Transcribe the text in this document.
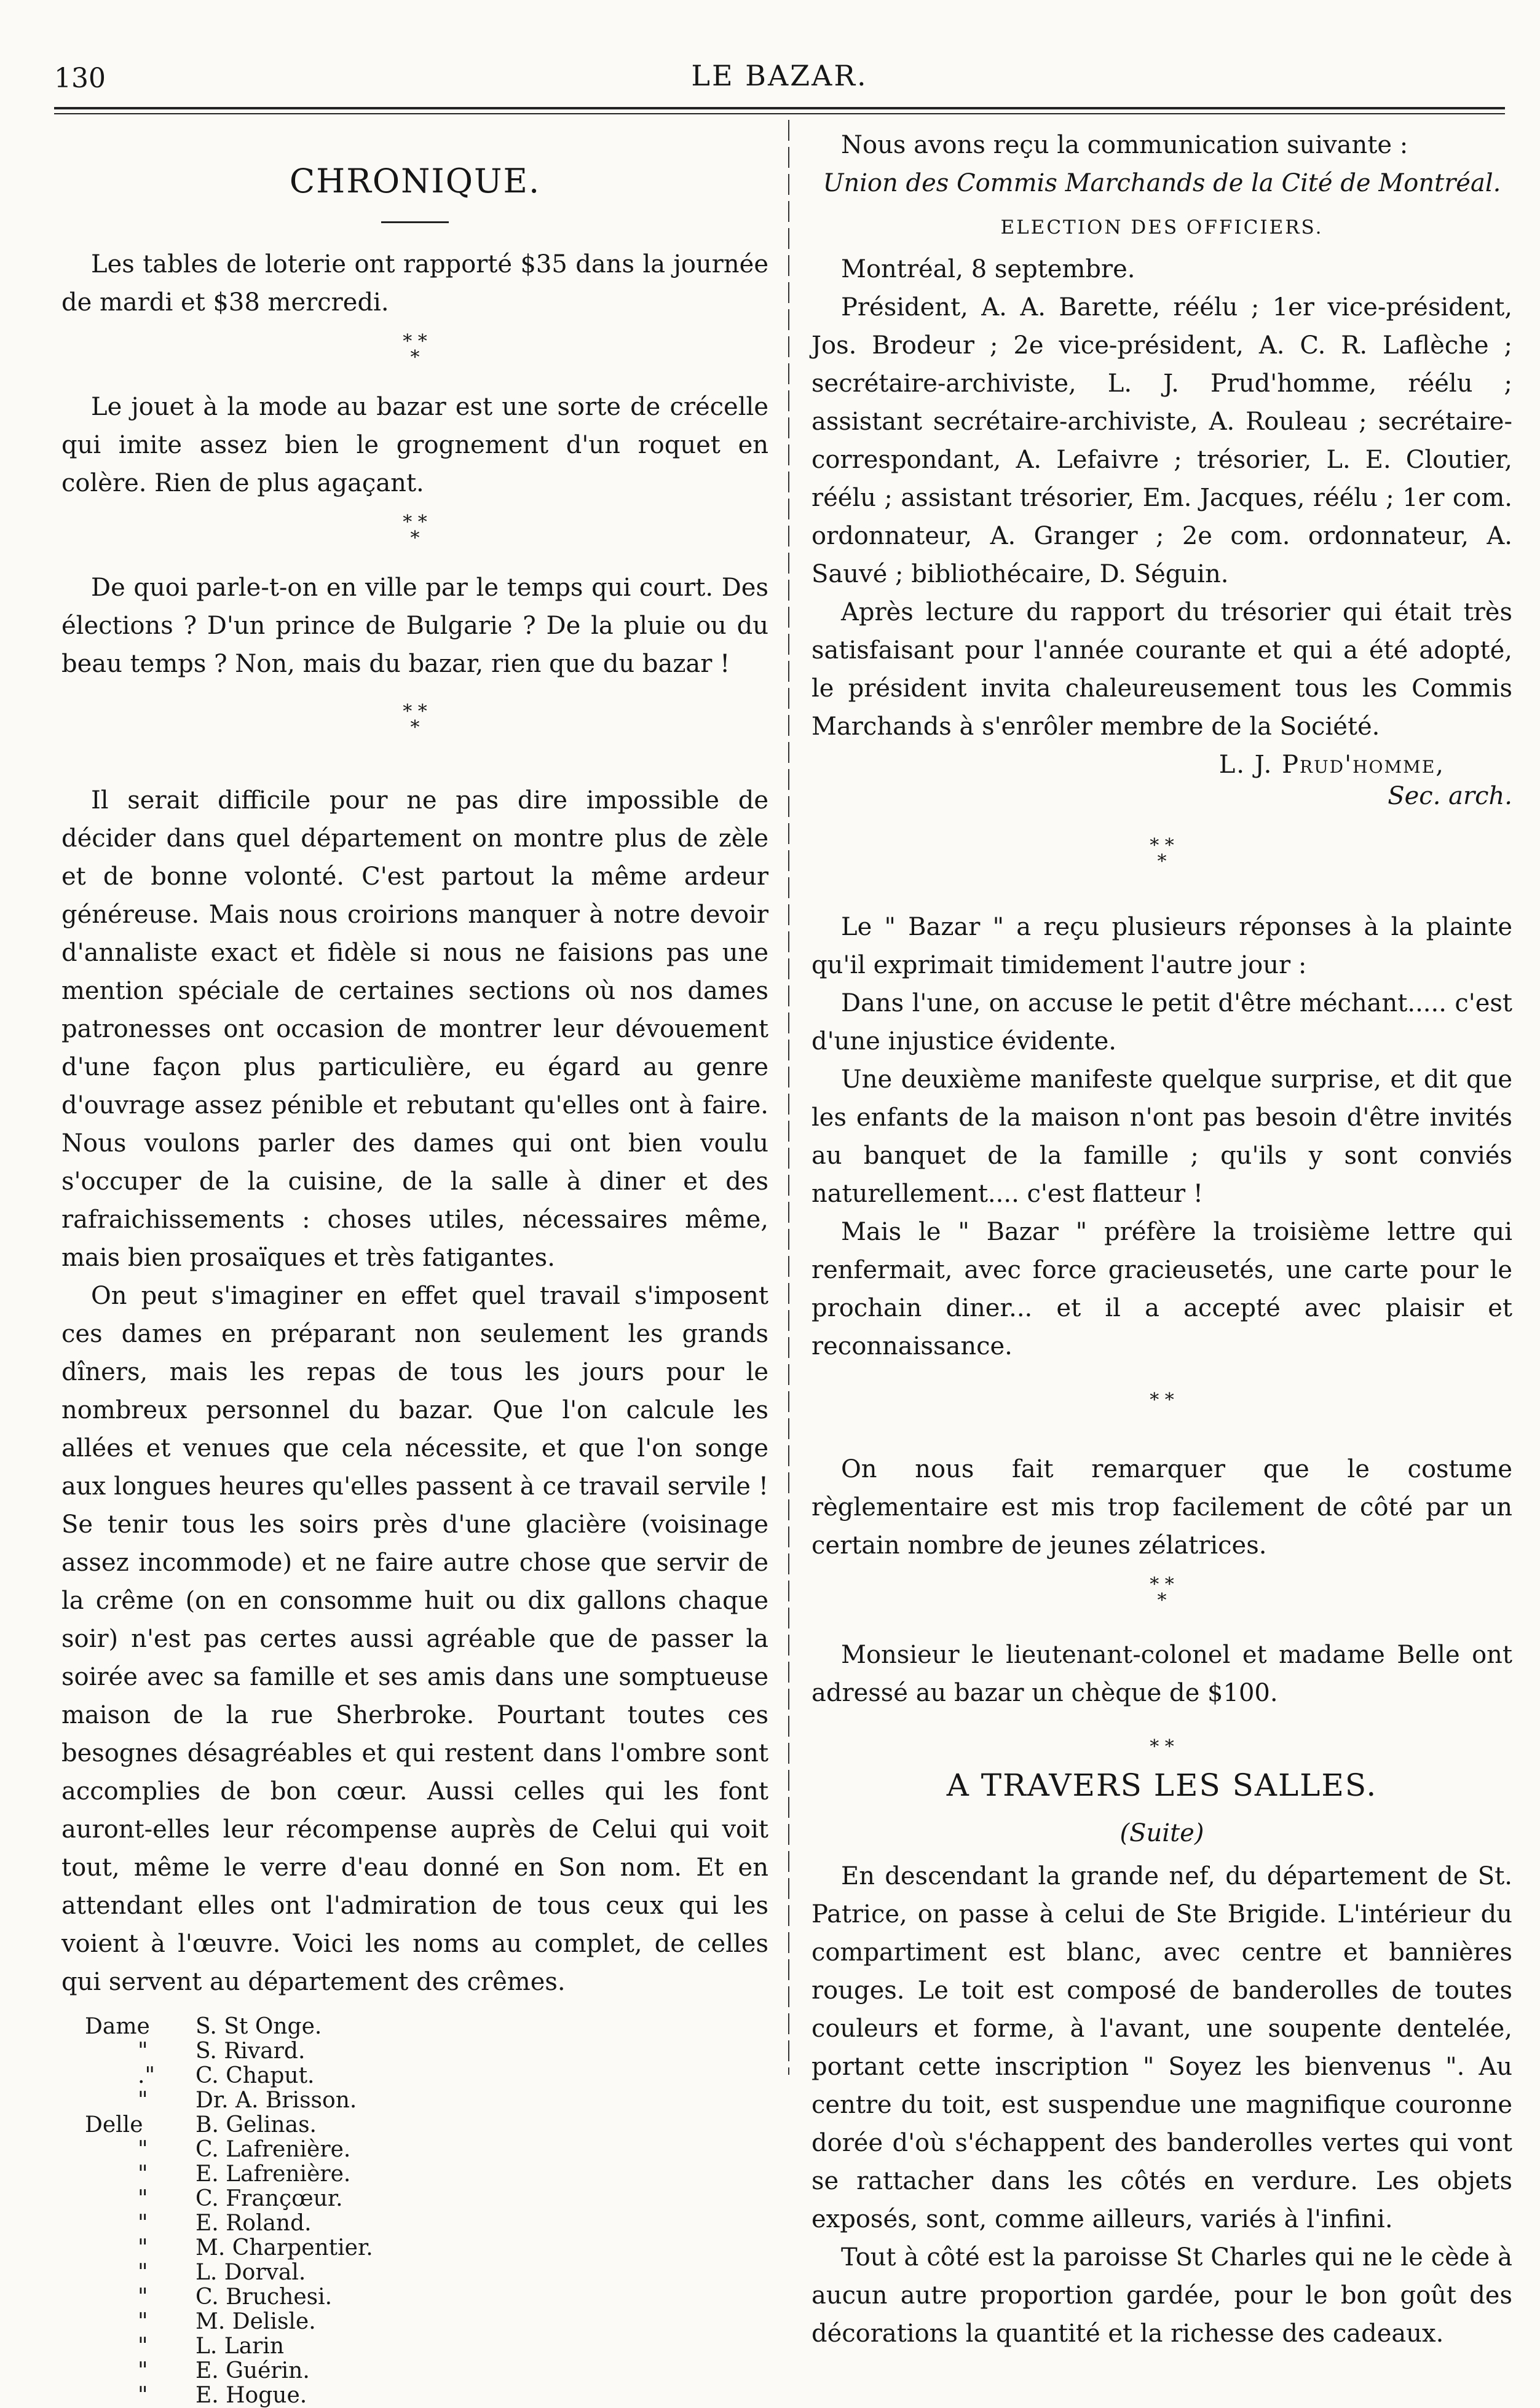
130	LE BAZAR.
CHRONIQUE.

Les tables de loterie ont rapporté $35 dans la journée de mardi et $38 mercredi.

* *
*

Le jouet à la mode au bazar est une sorte de crécelle qui imite assez bien le grognement d'un roquet en colère. Rien de plus agaçant.

* *
*

De quoi parle-t-on en ville par le temps qui court. Des élections ? D'un prince de Bulgarie ? De la pluie ou du beau temps ? Non, mais du bazar, rien que du bazar !

* *
*

Il serait difficile pour ne pas dire impossible de décider dans quel département on montre plus de zèle et de bonne volonté. C'est partout la même ardeur généreuse. Mais nous croirions manquer à notre devoir d'annaliste exact et fidèle si nous ne faisions pas une mention spéciale de certaines sections où nos dames patronesses ont occasion de montrer leur dévouement d'une façon plus particulière, eu égard au genre d'ouvrage assez pénible et rebutant qu'elles ont à faire. Nous voulons parler des dames qui ont bien voulu s'occuper de la cuisine, de la salle à diner et des rafraichissements : choses utiles, nécessaires même, mais bien prosaïques et très fatigantes.

On peut s'imaginer en effet quel travail s'imposent ces dames en préparant non seulement les grands dîners, mais les repas de tous les jours pour le nombreux personnel du bazar. Que l'on calcule les allées et venues que cela nécessite, et que l'on songe aux longues heures qu'elles passent à ce travail servile ! Se tenir tous les soirs près d'une glacière (voisinage assez incommode) et ne faire autre chose que servir de la crême (on en consomme huit ou dix gallons chaque soir) n'est pas certes aussi agréable que de passer la soirée avec sa famille et ses amis dans une somptueuse maison de la rue Sherbroke. Pourtant toutes ces besognes désagréables et qui restent dans l'ombre sont accomplies de bon cœur. Aussi celles qui les font auront-elles leur récompense auprès de Celui qui voit tout, même le verre d'eau donné en Son nom. Et en attendant elles ont l'admiration de tous ceux qui les voient à l'œuvre. Voici les noms au complet, de celles qui servent au département des crêmes.

Dame	S. St Onge.
"	S. Rivard.
."	C. Chaput.
"	Dr. A. Brisson.
Delle	B. Gelinas.
"	C. Lafrenière.
"	E. Lafrenière.
"	C. Françœur.
"	E. Roland.
"	M. Charpentier.
"	L. Dorval.
"	C. Bruchesi.
"	M. Delisle.
"	L. Larin
"	E. Guérin.
"	E. Hogue.

Nous avons reçu la communication suivante :

Union des Commis Marchands de la Cité de Montréal.

ELECTION DES OFFICIERS.

Montréal, 8 septembre.

Président, A. A. Barette, réélu ; 1er vice-président, Jos. Brodeur ; 2e vice-président, A. C. R. Laflèche ; secrétaire-archiviste, L. J. Prud'homme, réélu ; assistant secrétaire-archiviste, A. Rouleau ; secrétaire-correspondant, A. Lefaivre ; trésorier, L. E. Cloutier, réélu ; assistant trésorier, Em. Jacques, réélu ; 1er com. ordonnateur, A. Granger ; 2e com. ordonnateur, A. Sauvé ; bibliothécaire, D. Séguin.

Après lecture du rapport du trésorier qui était très satisfaisant pour l'année courante et qui a été adopté, le président invita chaleureusement tous les Commis Marchands à s'enrôler membre de la Société.

L. J. Prud'homme,

Sec. arch.

* *
*

Le " Bazar " a reçu plusieurs réponses à la plainte qu'il exprimait timidement l'autre jour :

Dans l'une, on accuse le petit d'être méchant..... c'est d'une injustice évidente.

Une deuxième manifeste quelque surprise, et dit que les enfants de la maison n'ont pas besoin d'être invités au banquet de la famille ; qu'ils y sont conviés naturellement.... c'est flatteur !

Mais le " Bazar " préfère la troisième lettre qui renfermait, avec force gracieusetés, une carte pour le prochain diner... et il a accepté avec plaisir et reconnaissance.

* *

On nous fait remarquer que le costume règlementaire est mis trop facilement de côté par un certain nombre de jeunes zélatrices.

* *
*

Monsieur le lieutenant-colonel et madame Belle ont adressé au bazar un chèque de $100.

* *
A TRAVERS LES SALLES.

(Suite)

En descendant la grande nef, du département de St. Patrice, on passe à celui de Ste Brigide. L'intérieur du compartiment est blanc, avec centre et bannières rouges. Le toit est composé de banderolles de toutes couleurs et forme, à l'avant, une soupente dentelée, portant cette inscription " Soyez les bienvenus ". Au centre du toit, est suspendue une magnifique couronne dorée d'où s'échappent des banderolles vertes qui vont se rattacher dans les côtés en verdure. Les objets exposés, sont, comme ailleurs, variés à l'infini.

Tout à côté est la paroisse St Charles qui ne le cède à aucun autre proportion gardée, pour le bon goût des décorations la quantité et la richesse des cadeaux.
